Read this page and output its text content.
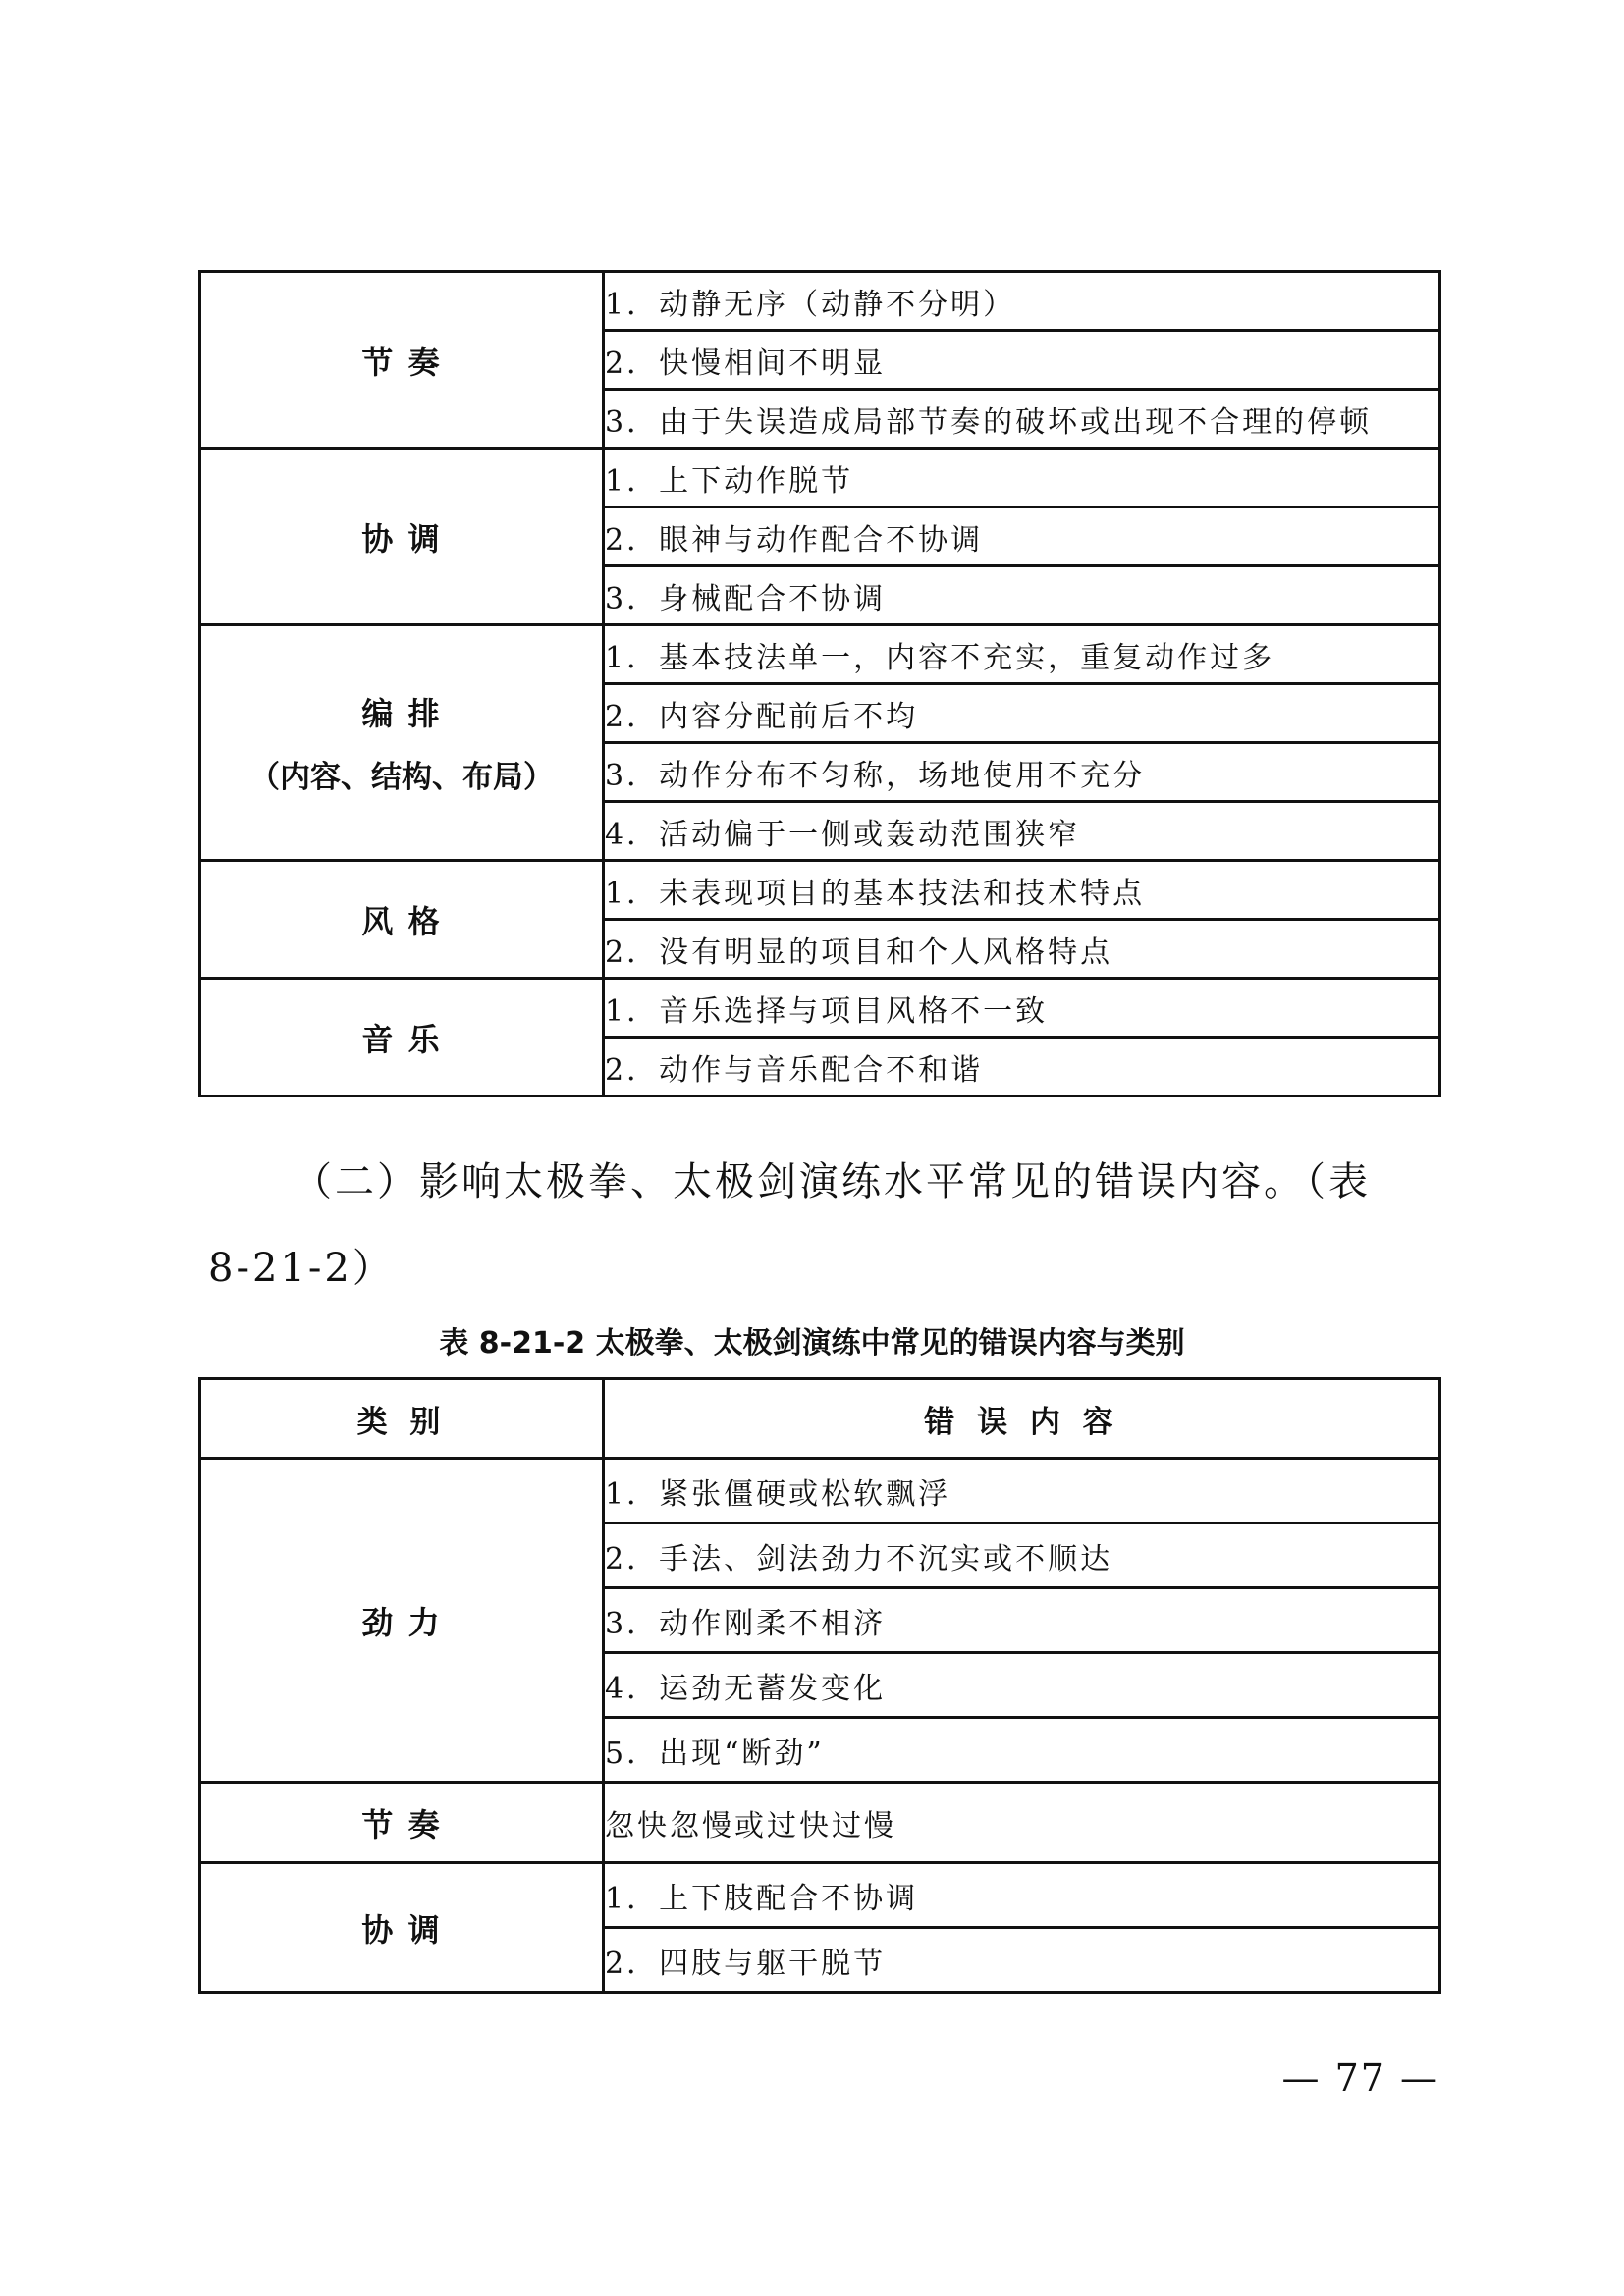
节 奏	1．动静无序（动静不分明）
	2．快慢相间不明显
	3．由于失误造成局部节奏的破坏或出现不合理的停顿
协 调	1．上下动作脱节
	2．眼神与动作配合不协调
	3．身械配合不协调
编 排
（内容、结构、布局）	1．基本技法单一，内容不充实，重复动作过多
	2．内容分配前后不均
	3．动作分布不匀称，场地使用不充分
	4．活动偏于一侧或轰动范围狭窄
风 格	1．未表现项目的基本技法和技术特点
	2．没有明显的项目和个人风格特点
音 乐	1．音乐选择与项目风格不一致
	2．动作与音乐配合不和谐

（二）影响太极拳、太极剑演练水平常见的错误内容。（表
8-21-2）

表 8-21-2 太极拳、太极剑演练中常见的错误内容与类别
类 别	错 误 内 容
劲 力	1．紧张僵硬或松软飘浮
	2．手法、剑法劲力不沉实或不顺达
	3．动作刚柔不相济
	4．运劲无蓄发变化
	5．出现“断劲”
节 奏	忽快忽慢或过快过慢
协 调	1．上下肢配合不协调
	2．四肢与躯干脱节
— 77 —
